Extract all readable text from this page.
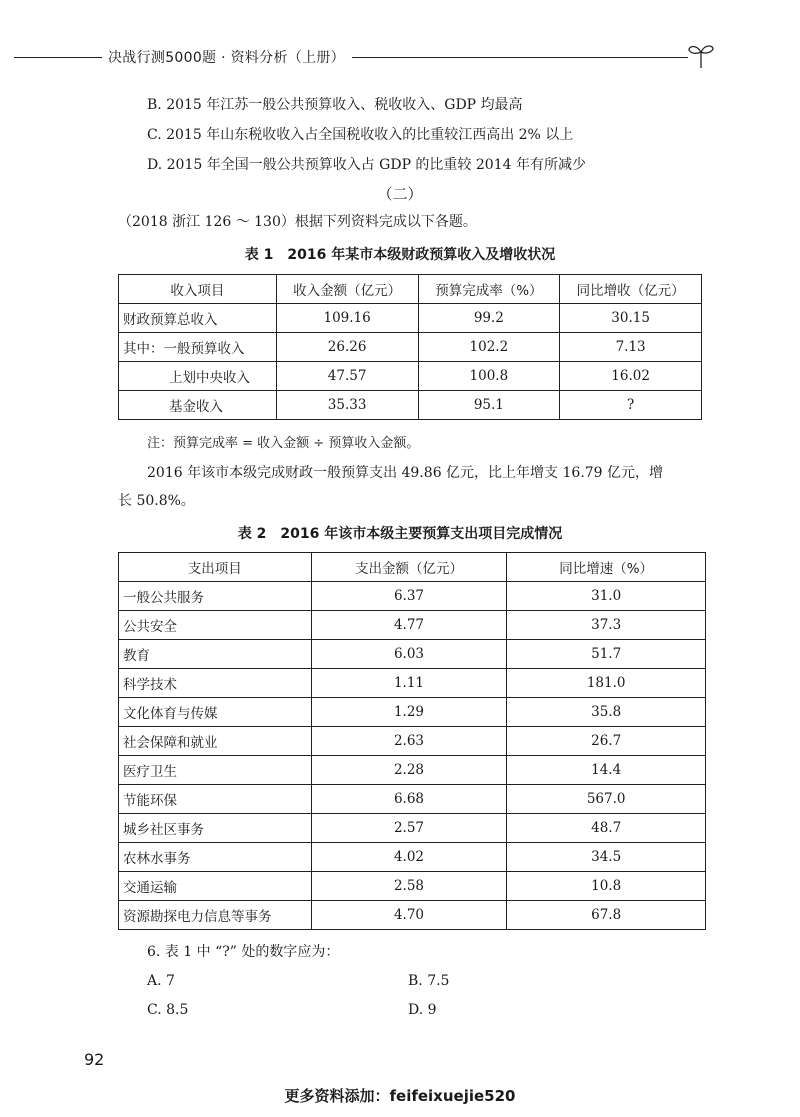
决战行测5000题 · 资料分析（上册）
B. 2015 年江苏一般公共预算收入、税收收入、GDP 均最高
C. 2015 年山东税收收入占全国税收收入的比重较江西高出 2% 以上
D. 2015 年全国一般公共预算收入占 GDP 的比重较 2014 年有所减少
（二）
（2018 浙江 126 ～ 130）根据下列资料完成以下各题。
表 1　2016 年某市本级财政预算收入及增收状况
收入项目	收入金额（亿元）	预算完成率（%）	同比增收（亿元）
财政预算总收入	109.16	99.2	30.15
其中：一般预算收入	26.26	102.2	7.13
上划中央收入	47.57	100.8	16.02
基金收入	35.33	95.1	?
注：预算完成率 = 收入金额 ÷ 预算收入金额。
2016 年该市本级完成财政一般预算支出 49.86 亿元，比上年增支 16.79 亿元，增
长 50.8%。
表 2　2016 年该市本级主要预算支出项目完成情况
支出项目	支出金额（亿元）	同比增速（%）
一般公共服务	6.37	31.0
公共安全	4.77	37.3
教育	6.03	51.7
科学技术	1.11	181.0
文化体育与传媒	1.29	35.8
社会保障和就业	2.63	26.7
医疗卫生	2.28	14.4
节能环保	6.68	567.0
城乡社区事务	2.57	48.7
农林水事务	4.02	34.5
交通运输	2.58	10.8
资源勘探电力信息等事务	4.70	67.8
6. 表 1 中 “?” 处的数字应为：
A. 7	B. 7.5
C. 8.5	D. 9
92
更多资料添加：feifeixuejie520
